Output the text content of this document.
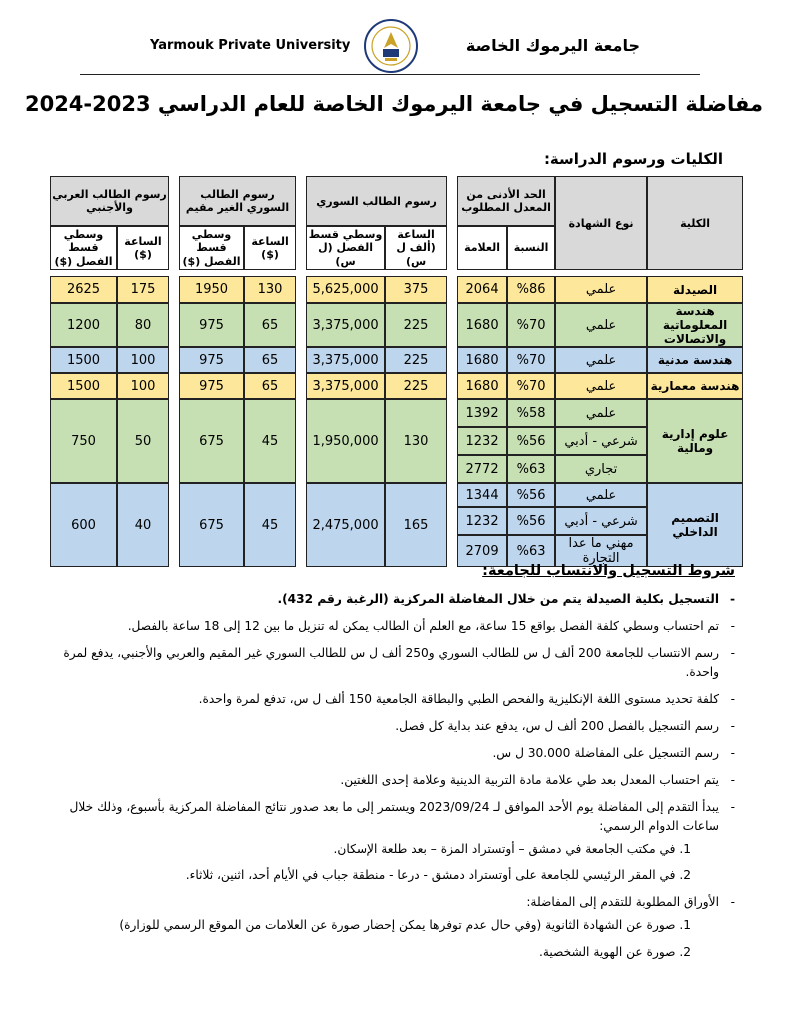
Yarmouk Private University	جامعة اليرموك الخاصة
مفاضلة التسجيل في جامعة اليرموك الخاصة للعام الدراسي 2023-2024
الكليات ورسوم الدراسة:
الكلية	نوع الشهادة	الحد الأدنى من المعدل المطلوب			رسوم الطالب السوري			رسوم الطالب السوري الغير مقيم			رسوم الطالب العربي والأجنبي	
		النسبة	العلامة		الساعة (ألف ل س)	وسطي قسط الفصل (ل س)		الساعة ($)	وسطي قسط الفصل ($)		الساعة ($)	وسطي قسط الفصل ($)

الصيدلة	علمي	%86	2064		375	5,625,000		130	1950		175	2625
هندسة المعلوماتية والاتصالات	علمي	%70	1680		225	3,375,000		65	975		80	1200
هندسة مدنية	علمي	%70	1680		225	3,375,000		65	975		100	1500
هندسة معمارية	علمي	%70	1680		225	3,375,000		65	975		100	1500
علوم إدارية ومالية	علمي	%58	1392		130	1,950,000		45	675		50	750
	شرعي - أدبي	%56	1232									
	تجاري	%63	2772									
التصميم الداخلي	علمي	%56	1344		165	2,475,000		45	675		40	600
	شرعي - أدبي	%56	1232									
	مهني ما عدا التجارة	%63	2709									
شروط التسجيل والانتساب للجامعة:
- التسجيل بكلية الصيدلة يتم من خلال المفاضلة المركزية (الرغبة رقم 432).
- تم احتساب وسطي كلفة الفصل بواقع 15 ساعة، مع العلم أن الطالب يمكن له تنزيل ما بين 12 إلى 18 ساعة بالفصل.
- رسم الانتساب للجامعة 200 ألف ل س للطالب السوري و250 ألف ل س للطالب السوري غير المقيم والعربي والأجنبي، يدفع لمرة واحدة.
- كلفة تحديد مستوى اللغة الإنكليزية والفحص الطبي والبطاقة الجامعية 150 ألف ل س، تدفع لمرة واحدة.
- رسم التسجيل بالفصل 200 ألف ل س، يدفع عند بداية كل فصل.
- رسم التسجيل على المفاضلة 30.000 ل س.
- يتم احتساب المعدل بعد طي علامة مادة التربية الدينية وعلامة إحدى اللغتين.
- يبدأ التقدم إلى المفاضلة يوم الأحد الموافق لـ 2023/09/24 ويستمر إلى ما بعد صدور نتائج المفاضلة المركزية بأسبوع، وذلك خلال ساعات الدوام الرسمي:
1. في مكتب الجامعة في دمشق – أوتستراد المزة – بعد طلعة الإسكان.
2. في المقر الرئيسي للجامعة على أوتستراد دمشق - درعا - منطقة جباب في الأيام أحد، اثنين، ثلاثاء.
- الأوراق المطلوبة للتقدم إلى المفاضلة:
1. صورة عن الشهادة الثانوية (وفي حال عدم توفرها يمكن إحضار صورة عن العلامات من الموقع الرسمي للوزارة)
2. صورة عن الهوية الشخصية.
